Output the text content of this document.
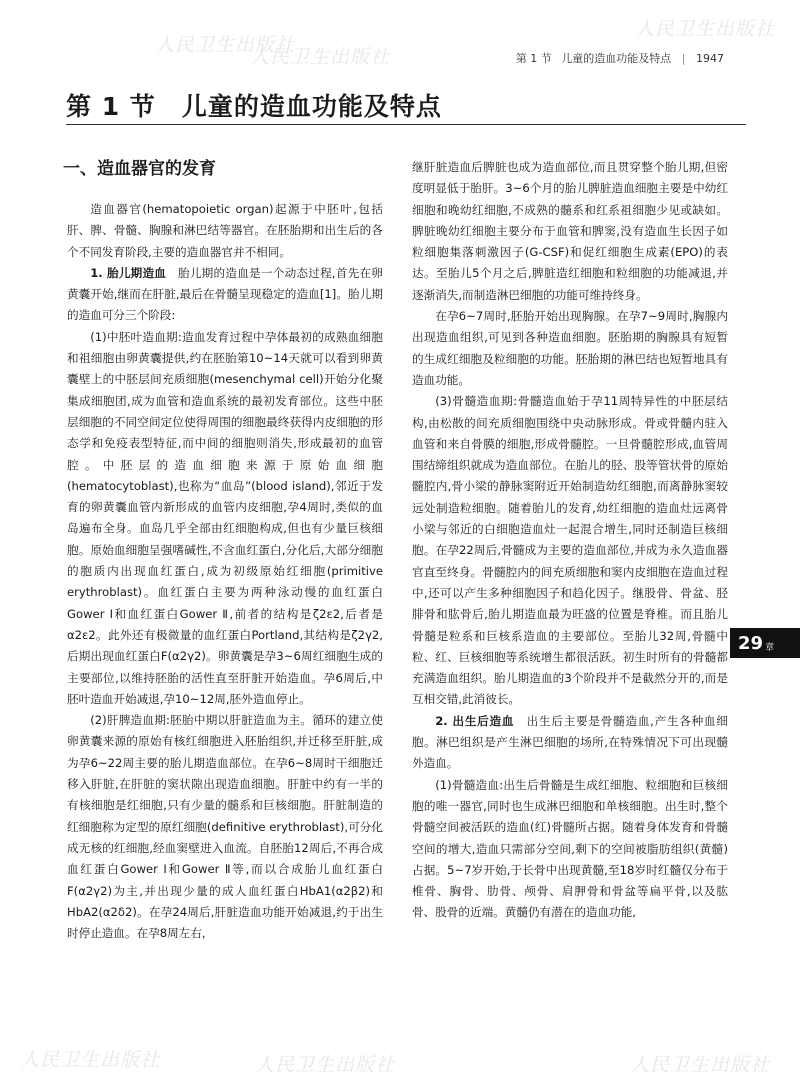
人民卫生出版社
人民卫生出版社
人民卫生出版社
人民卫生出版社	人民卫生出版社	人民卫生出版社
第 1 节 儿童的造血功能及特点 | 1947
第 1 节 儿童的造血功能及特点
一、造血器官的发育

造血器官(hematopoietic organ)起源于中胚叶,包括肝、脾、骨髓、胸腺和淋巴结等器官。在胚胎期和出生后的各个不同发育阶段,主要的造血器官并不相同。

1. 胎儿期造血　 胎儿期的造血是一个动态过程,首先在卵黄囊开始,继而在肝脏,最后在骨髓呈现稳定的造血[1]。胎儿期的造血可分三个阶段:

(1)中胚叶造血期:造血发育过程中孕体最初的成熟血细胞和祖细胞由卵黄囊提供,约在胚胎第10~14天就可以看到卵黄囊壁上的中胚层间充质细胞(mesenchymal cell)开始分化聚集成细胞团,成为血管和造血系统的最初发育部位。这些中胚层细胞的不同空间定位使得周围的细胞最终获得内皮细胞的形态学和免疫表型特征,而中间的细胞则消失,形成最初的血管腔。中胚层的造血细胞来源于原始血细胞(hematocytoblast),也称为“血岛”(blood island),邻近于发育的卵黄囊血管内新形成的血管内皮细胞,孕4周时,类似的血岛遍布全身。血岛几乎全部由红细胞构成,但也有少量巨核细胞。原始血细胞呈强嗜碱性,不含血红蛋白,分化后,大部分细胞的胞质内出现血红蛋白,成为初级原始红细胞(primitive erythroblast)。血红蛋白主要为两种泳动慢的血红蛋白Gower Ⅰ和血红蛋白Gower Ⅱ,前者的结构是ζ2ε2,后者是α2ε2。此外还有极微量的血红蛋白Portland,其结构是ζ2γ2,后期出现血红蛋白F(α2γ2)。卵黄囊是孕3~6周红细胞生成的主要部位,以维持胚胎的活性直至肝脏开始造血。孕6周后,中胚叶造血开始减退,孕10~12周,胚外造血停止。

(2)肝脾造血期:胚胎中期以肝脏造血为主。循环的建立使卵黄囊来源的原始有核红细胞进入胚胎组织,并迁移至肝脏,成为孕6~22周主要的胎儿期造血部位。在孕6~8周时干细胞迁移入肝脏,在肝脏的窦状隙出现造血细胞。肝脏中约有一半的有核细胞是红细胞,只有少量的髓系和巨核细胞。肝脏制造的红细胞称为定型的原红细胞(definitive erythroblast),可分化成无核的红细胞,经血窦壁进入血流。自胚胎12周后,不再合成血红蛋白Gower Ⅰ和Gower Ⅱ等,而以合成胎儿血红蛋白F(α2γ2)为主,并出现少量的成人血红蛋白HbA1(α2β2)和HbA2(α2δ2)。在孕24周后,肝脏造血功能开始减退,约于出生时停止造血。在孕8周左右,

继肝脏造血后脾脏也成为造血部位,而且贯穿整个胎儿期,但密度明显低于胎肝。3~6个月的胎儿脾脏造血细胞主要是中幼红细胞和晚幼红细胞,不成熟的髓系和红系祖细胞少见或缺如。脾脏晚幼红细胞主要分布于血管和脾窦,没有造血生长因子如粒细胞集落刺激因子(G-CSF)和促红细胞生成素(EPO)的表达。至胎儿5个月之后,脾脏造红细胞和粒细胞的功能减退,并逐渐消失,而制造淋巴细胞的功能可维持终身。

在孕6~7周时,胚胎开始出现胸腺。在孕7~9周时,胸腺内出现造血组织,可见到各种造血细胞。胚胎期的胸腺具有短暂的生成红细胞及粒细胞的功能。胚胎期的淋巴结也短暂地具有造血功能。

(3)骨髓造血期:骨髓造血始于孕11周特异性的中胚层结构,由松散的间充质细胞围绕中央动脉形成。骨或骨髓内驻入血管和来自骨膜的细胞,形成骨髓腔。一旦骨髓腔形成,血管周围结缔组织就成为造血部位。在胎儿的胫、股等管状骨的原始髓腔内,骨小梁的静脉窦附近开始制造幼红细胞,而离静脉窦较远处制造粒细胞。随着胎儿的发育,幼红细胞的造血灶远离骨小梁与邻近的白细胞造血灶一起混合增生,同时还制造巨核细胞。在孕22周后,骨髓成为主要的造血部位,并成为永久造血器官直至终身。骨髓腔内的间充质细胞和窦内皮细胞在造血过程中,还可以产生多种细胞因子和趋化因子。继股骨、骨盆、胫腓骨和肱骨后,胎儿期造血最为旺盛的位置是脊椎。而且胎儿骨髓是粒系和巨核系造血的主要部位。至胎儿32周,骨髓中粒、红、巨核细胞等系统增生都很活跃。初生时所有的骨髓都充满造血组织。胎儿期造血的3个阶段并不是截然分开的,而是互相交错,此消彼长。

2. 出生后造血　 出生后主要是骨髓造血,产生各种血细胞。淋巴组织是产生淋巴细胞的场所,在特殊情况下可出现髓外造血。

(1)骨髓造血:出生后骨髓是生成红细胞、粒细胞和巨核细胞的唯一器官,同时也生成淋巴细胞和单核细胞。出生时,整个骨髓空间被活跃的造血(红)骨髓所占据。随着身体发育和骨髓空间的增大,造血只需部分空间,剩下的空间被脂肪组织(黄髓)占据。5~7岁开始,于长骨中出现黄髓,至18岁时红髓仅分布于椎骨、胸骨、肋骨、颅骨、肩胛骨和骨盆等扁平骨,以及肱骨、股骨的近端。黄髓仍有潜在的造血功能,

29 章
